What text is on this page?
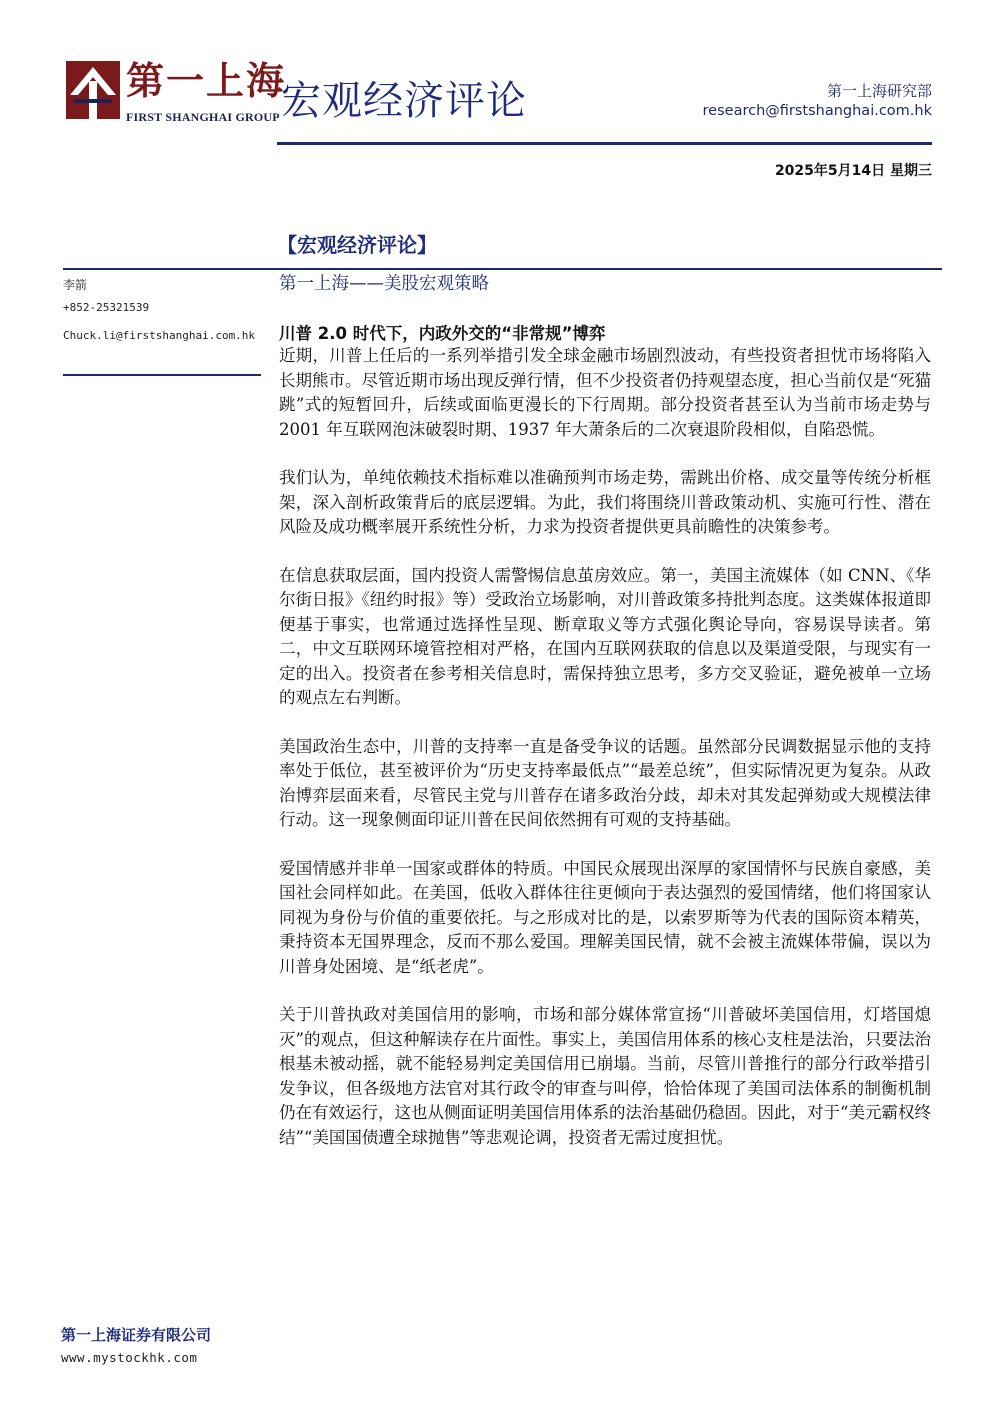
第一上海
FIRST SHANGHAI GROUP 宏观经济评论	第一上海研究部
research@firstshanghai.com.hk
2025年5月14日 星期三
【宏观经济评论】
第一上海——美股宏观策略
李箭
+852-25321539
Chuck.li@firstshanghai.com.hk 川普 2.0 时代下，内政外交的“非常规”博弈

近期，川普上任后的一系列举措引发全球金融市场剧烈波动，有些投资者担忧市场将陷入长期熊市。尽管近期市场出现反弹行情，但不少投资者仍持观望态度，担心当前仅是“死猫跳”式的短暂回升，后续或面临更漫长的下行周期。部分投资者甚至认为当前市场走势与 2001 年互联网泡沫破裂时期、1937 年大萧条后的二次衰退阶段相似，自陷恐慌。

我们认为，单纯依赖技术指标难以准确预判市场走势，需跳出价格、成交量等传统分析框架，深入剖析政策背后的底层逻辑。为此，我们将围绕川普政策动机、实施可行性、潜在风险及成功概率展开系统性分析，力求为投资者提供更具前瞻性的决策参考。

在信息获取层面，国内投资人需警惕信息茧房效应。第一，美国主流媒体（如 CNN、《华尔街日报》《纽约时报》等）受政治立场影响，对川普政策多持批判态度。这类媒体报道即便基于事实，也常通过选择性呈现、断章取义等方式强化舆论导向，容易误导读者。第二，中文互联网环境管控相对严格，在国内互联网获取的信息以及渠道受限，与现实有一定的出入。投资者在参考相关信息时，需保持独立思考，多方交叉验证，避免被单一立场的观点左右判断。

美国政治生态中，川普的支持率一直是备受争议的话题。虽然部分民调数据显示他的支持率处于低位，甚至被评价为“历史支持率最低点”“最差总统”，但实际情况更为复杂。从政治博弈层面来看，尽管民主党与川普存在诸多政治分歧，却未对其发起弹劾或大规模法律行动。这一现象侧面印证川普在民间依然拥有可观的支持基础。

爱国情感并非单一国家或群体的特质。中国民众展现出深厚的家国情怀与民族自豪感，美国社会同样如此。在美国，低收入群体往往更倾向于表达强烈的爱国情绪，他们将国家认同视为身份与价值的重要依托。与之形成对比的是，以索罗斯等为代表的国际资本精英，秉持资本无国界理念，反而不那么爱国。理解美国民情，就不会被主流媒体带偏，误以为川普身处困境、是“纸老虎”。

关于川普执政对美国信用的影响，市场和部分媒体常宣扬“川普破坏美国信用，灯塔国熄灭”的观点，但这种解读存在片面性。事实上，美国信用体系的核心支柱是法治，只要法治根基未被动摇，就不能轻易判定美国信用已崩塌。当前，尽管川普推行的部分行政举措引发争议，但各级地方法官对其行政令的审查与叫停，恰恰体现了美国司法体系的制衡机制仍在有效运行，这也从侧面证明美国信用体系的法治基础仍稳固。因此，对于“美元霸权终结”“美国国债遭全球抛售”等悲观论调，投资者无需过度担忧。

第一上海证券有限公司
www.mystockhk.com
